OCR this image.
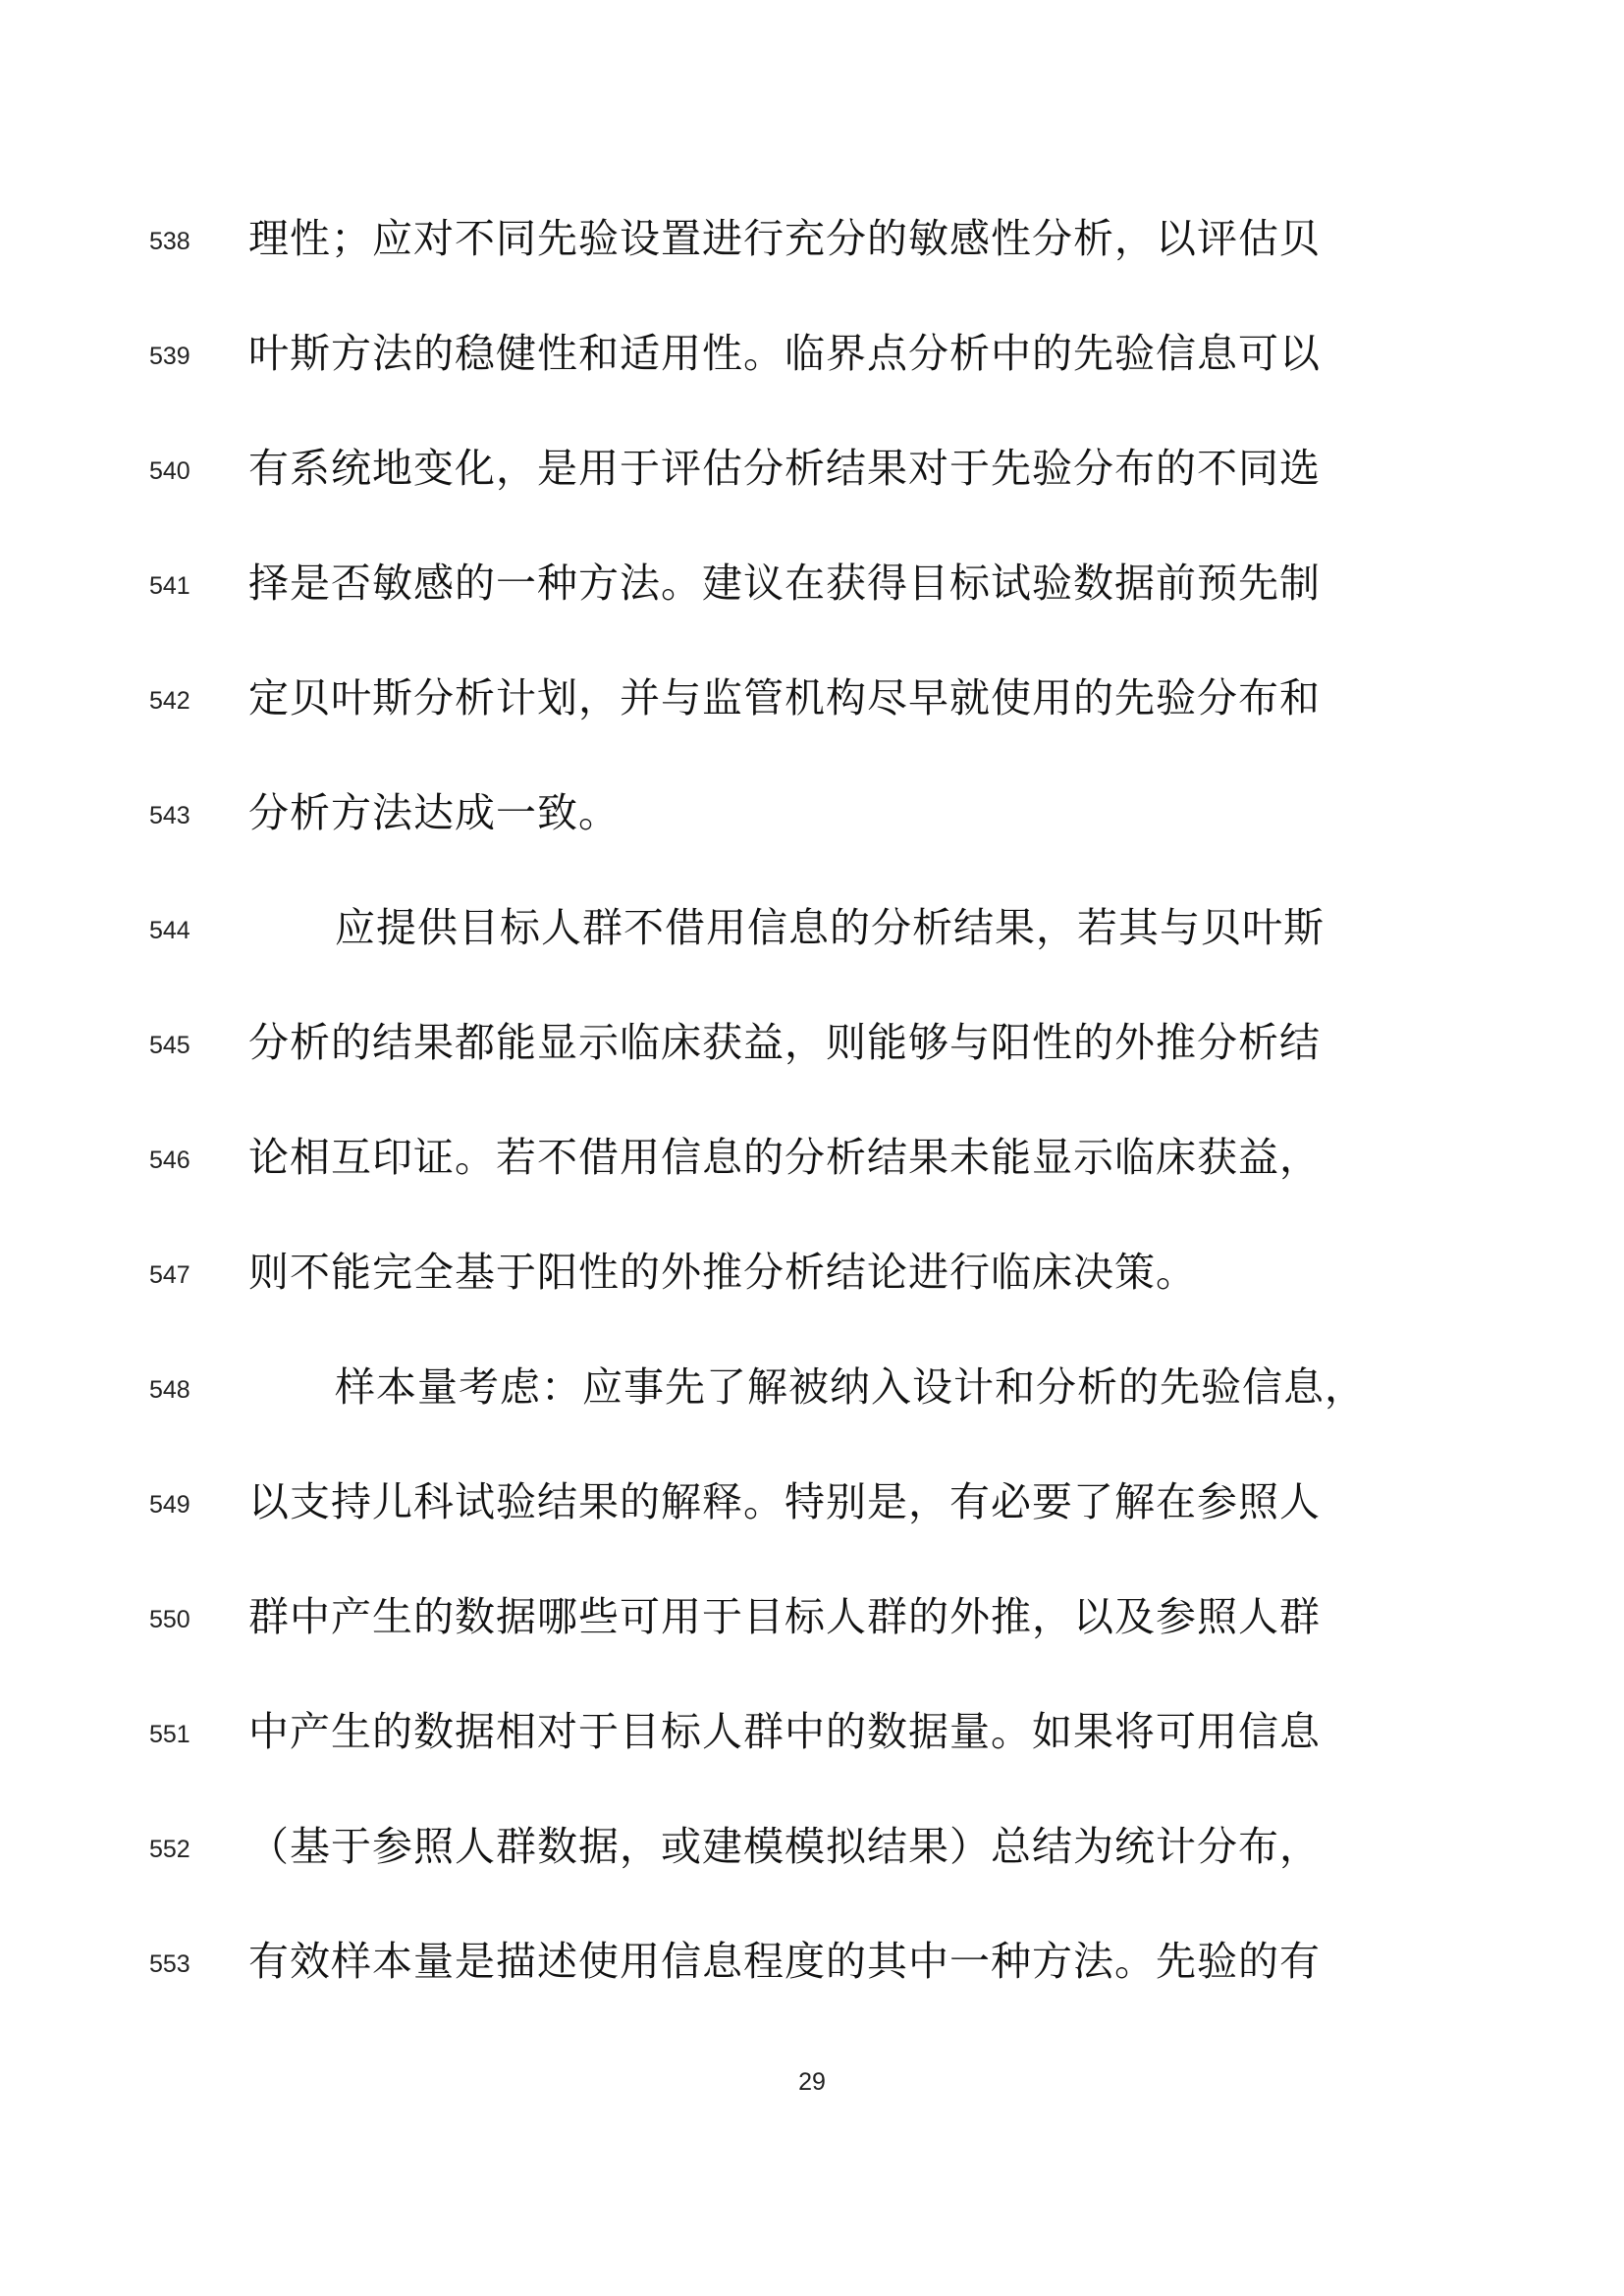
538	理性；应对不同先验设置进行充分的敏感性分析，以评估贝
539	叶斯方法的稳健性和适用性。临界点分析中的先验信息可以
540	有系统地变化，是用于评估分析结果对于先验分布的不同选
541	择是否敏感的一种方法。建议在获得目标试验数据前预先制
542	定贝叶斯分析计划，并与监管机构尽早就使用的先验分布和
543	分析方法达成一致。
544	应提供目标人群不借用信息的分析结果，若其与贝叶斯
545	分析的结果都能显示临床获益，则能够与阳性的外推分析结
546	论相互印证。若不借用信息的分析结果未能显示临床获益，
547	则不能完全基于阳性的外推分析结论进行临床决策。
548	样本量考虑：应事先了解被纳入设计和分析的先验信息，
549	以支持儿科试验结果的解释。特别是，有必要了解在参照人
550	群中产生的数据哪些可用于目标人群的外推，以及参照人群
551	中产生的数据相对于目标人群中的数据量。如果将可用信息
552	（基于参照人群数据，或建模模拟结果）总结为统计分布，
553	有效样本量是描述使用信息程度的其中一种方法。先验的有
29
